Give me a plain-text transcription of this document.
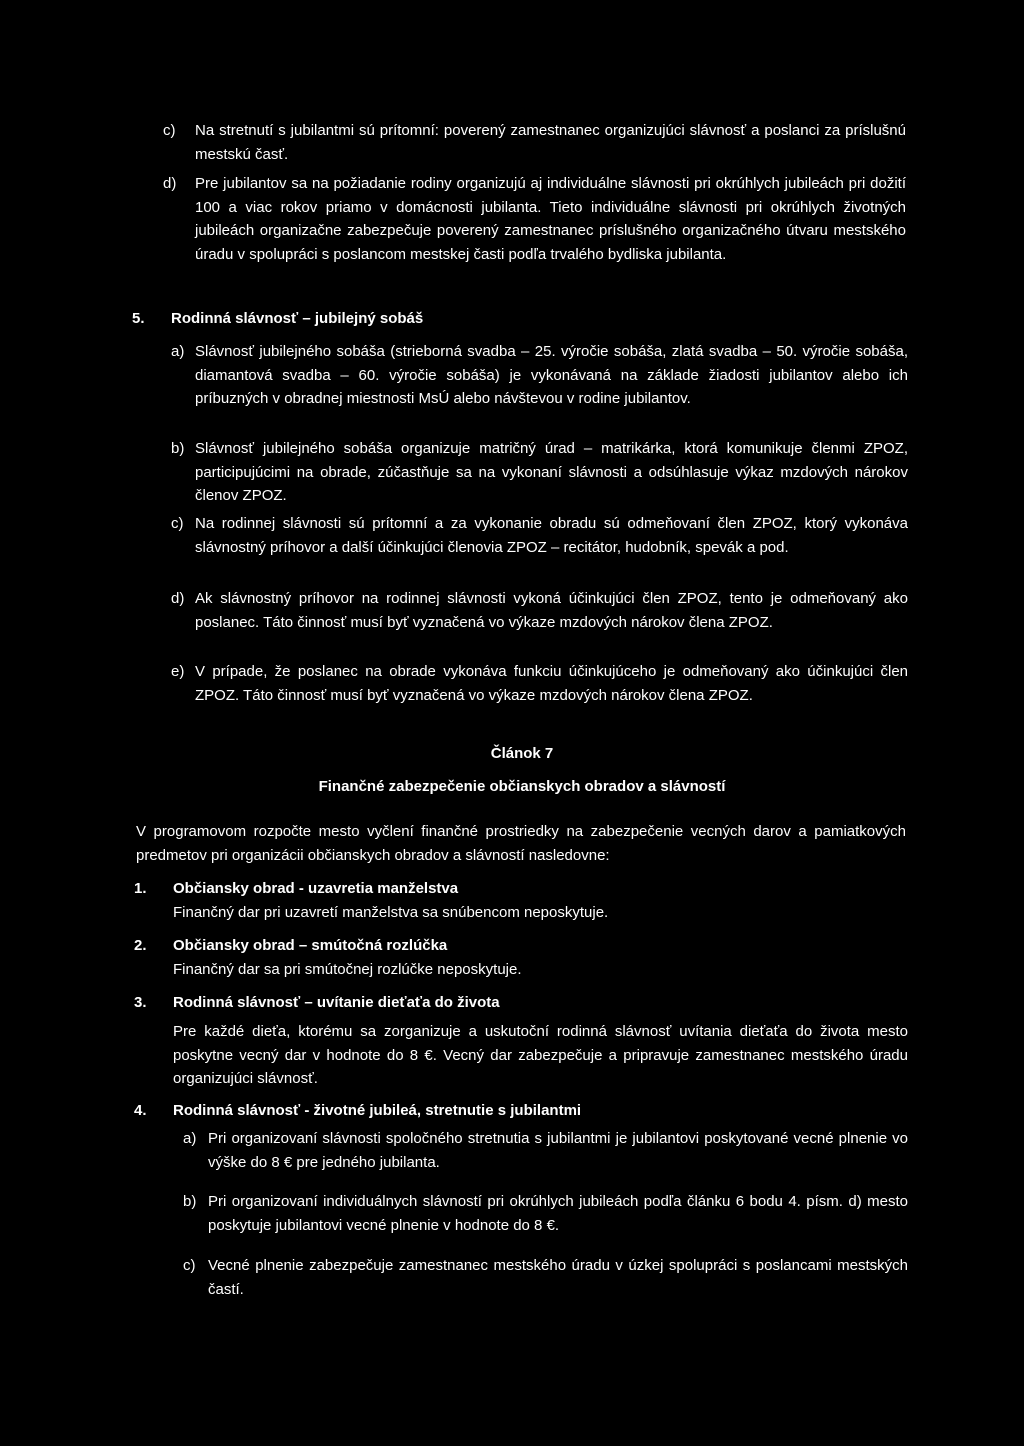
c)	Na stretnutí s jubilantmi sú prítomní: poverený zamestnanec organizujúci slávnosť a poslanci za príslušnú mestskú časť.
d)	Pre jubilantov sa na požiadanie rodiny organizujú aj individuálne slávnosti pri okrúhlych jubileách pri dožití 100 a viac rokov priamo v domácnosti jubilanta. Tieto individuálne slávnosti pri okrúhlych životných jubileách organizačne zabezpečuje poverený zamestnanec príslušného organizačného útvaru mestského úradu v spolupráci s poslancom mestskej časti podľa trvalého bydliska jubilanta.
5.	Rodinná slávnosť – jubilejný sobáš
a) Slávnosť jubilejného sobáša (strieborná svadba – 25. výročie sobáša, zlatá svadba – 50. výročie sobáša, diamantová svadba – 60. výročie sobáša) je vykonávaná na základe žiadosti jubilantov alebo ich príbuzných v obradnej miestnosti MsÚ alebo návštevou v rodine jubilantov.
b) Slávnosť jubilejného sobáša organizuje matričný úrad – matrikárka, ktorá komunikuje členmi ZPOZ, participujúcimi na obrade, zúčastňuje sa na vykonaní slávnosti a odsúhlasuje výkaz mzdových nárokov členov ZPOZ.
c) Na rodinnej slávnosti sú prítomní a za vykonanie obradu sú odmeňovaní člen ZPOZ, ktorý vykonáva slávnostný príhovor a další účinkujúci členovia ZPOZ – recitátor, hudobník, spevák a pod.
d) Ak slávnostný príhovor na rodinnej slávnosti vykoná účinkujúci člen ZPOZ, tento je odmeňovaný ako poslanec. Táto činnosť musí byť vyznačená vo výkaze mzdových nárokov člena ZPOZ.
e) V prípade, že poslanec na obrade vykonáva funkciu účinkujúceho je odmeňovaný ako účinkujúci člen ZPOZ. Táto činnosť musí byť vyznačená vo výkaze mzdových nárokov člena ZPOZ.
Článok 7
Finančné zabezpečenie občianskych obradov a slávností
V programovom rozpočte mesto vyčlení finančné prostriedky na zabezpečenie vecných darov a pamiatkových predmetov pri organizácii občianskych obradov a slávností nasledovne:
1.	Občiansky obrad - uzavretia manželstva
Finančný dar pri uzavretí manželstva sa snúbencom neposkytuje.
2.	Občiansky obrad – smútočná rozlúčka
Finančný dar sa pri smútočnej rozlúčke neposkytuje.
3.	Rodinná slávnosť – uvítanie dieťaťa do života
Pre každé dieťa, ktorému sa zorganizuje a uskutoční rodinná slávnosť uvítania dieťaťa do života mesto poskytne vecný dar v hodnote do 8 €. Vecný dar zabezpečuje a pripravuje zamestnanec mestského úradu organizujúci slávnosť.
4.	Rodinná slávnosť - životné jubileá, stretnutie s jubilantmi
a) Pri organizovaní slávnosti spoločného stretnutia s jubilantmi je jubilantovi poskytované vecné plnenie vo výške do 8 € pre jedného jubilanta.
b) Pri organizovaní individuálnych slávností pri okrúhlych jubileách podľa článku 6 bodu 4. písm. d) mesto poskytuje jubilantovi vecné plnenie v hodnote do 8 €.
c) Vecné plnenie zabezpečuje zamestnanec mestského úradu v úzkej spolupráci s poslancami mestských častí.
